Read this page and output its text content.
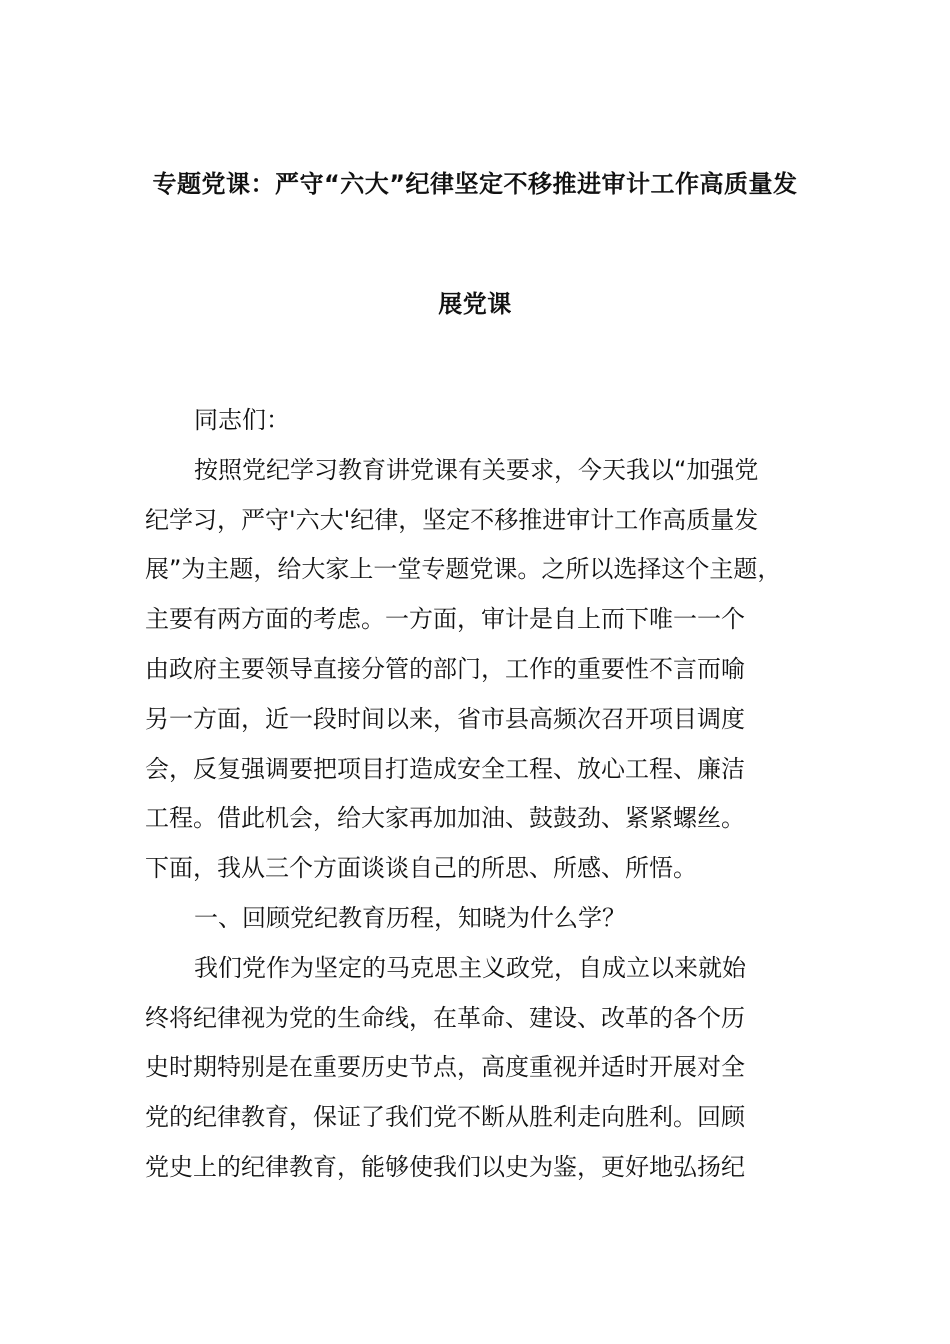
专题党课：严守“六大”纪律坚定不移推进审计工作高质量发
展党课
同志们：
按照党纪学习教育讲党课有关要求，今天我以“加强党
纪学习，严守'六大'纪律，坚定不移推进审计工作高质量发
展”为主题，给大家上一堂专题党课。之所以选择这个主题，
主要有两方面的考虑。一方面，审计是自上而下唯一一个
由政府主要领导直接分管的部门，工作的重要性不言而喻
另一方面，近一段时间以来，省市县高频次召开项目调度
会，反复强调要把项目打造成安全工程、放心工程、廉洁
工程。借此机会，给大家再加加油、鼓鼓劲、紧紧螺丝。
下面，我从三个方面谈谈自己的所思、所感、所悟。
一、回顾党纪教育历程，知晓为什么学？
我们党作为坚定的马克思主义政党，自成立以来就始
终将纪律视为党的生命线，在革命、建设、改革的各个历
史时期特别是在重要历史节点，高度重视并适时开展对全
党的纪律教育，保证了我们党不断从胜利走向胜利。回顾
党史上的纪律教育，能够使我们以史为鉴，更好地弘扬纪
